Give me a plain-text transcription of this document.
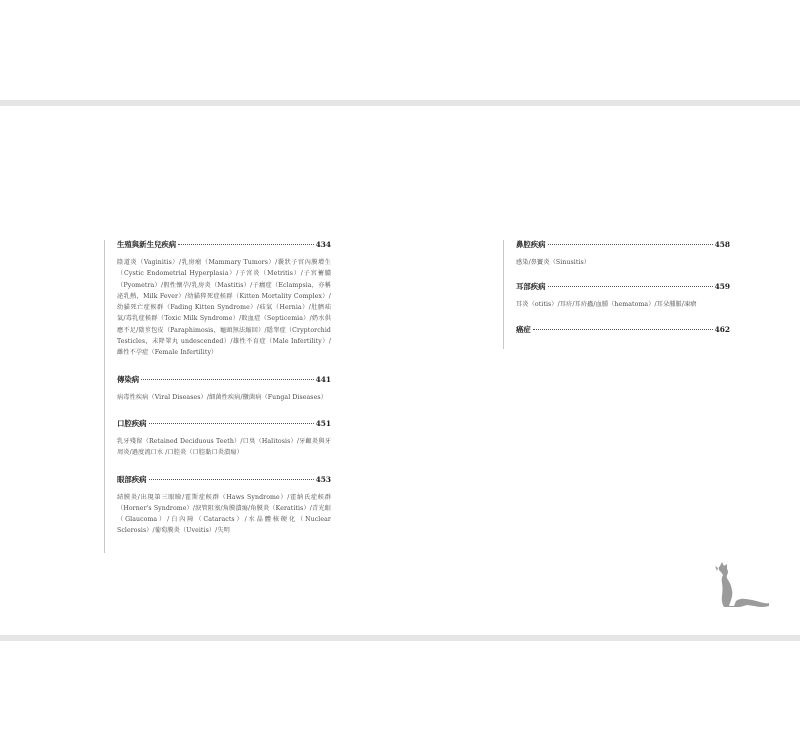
生殖與新生兒疾病	434
陰道炎（Vaginitis）/乳房瘤（Mammary Tumors）/囊狀子宮內膜增生（Cystic Endometrial Hyperplasia）/子宮炎（Metritis）/子宮蓄膿（Pyometra）/假性懷孕/乳房炎（Mastitis）/子癇症（Eclampsia，亦稱泌乳熱，Milk Fever）/幼貓猝死症候群（Kitten Mortality Complex）/幼貓死亡症候群（Fading Kitten Syndrome）/疝氣（Hernia）/肚臍疝氣/毒乳症候群（Toxic Milk Syndrome）/敗血症（Septicemia）/奶水供應不足/陰莖包皮（Paraphimosis，龜頭無法縮回）/隱睾症（Cryptorchid Testicles，未降睪丸 undescended）/雄性不育症（Male Infertility）/雌性不孕症（Female Infertility）
傳染病	441
病毒性疾病（Viral Diseases）/細菌性疾病/黴菌病（Fungal Diseases）
口腔疾病	451
乳牙殘留（Retained Deciduous Teeth）/口臭（Halitosis）/牙齦炎與牙周炎/過度流口水 /口腔炎（口腔黏口炎潰瘍）
眼部疾病	453
結膜炎/出現第三眼瞼/霍斯症候群（Haws Syndrome）/霍納氏症候群（Horner's Syndrome）/淚管阻塞/角膜潰瘍/角膜炎（Keratitis）/青光眼（Glaucoma）/白內障（Cataracts）/水晶體核硬化（Nuclear Sclerosis）/葡萄膜炎（Uveitis）/失明
鼻腔疾病	458
感染/鼻竇炎（Sinusitis）
耳部疾病	459
耳炎（otitis）/耳疥/耳疥蟲/血腫（hematoma）/耳朵腫脹/凍瘡
癌症	462
